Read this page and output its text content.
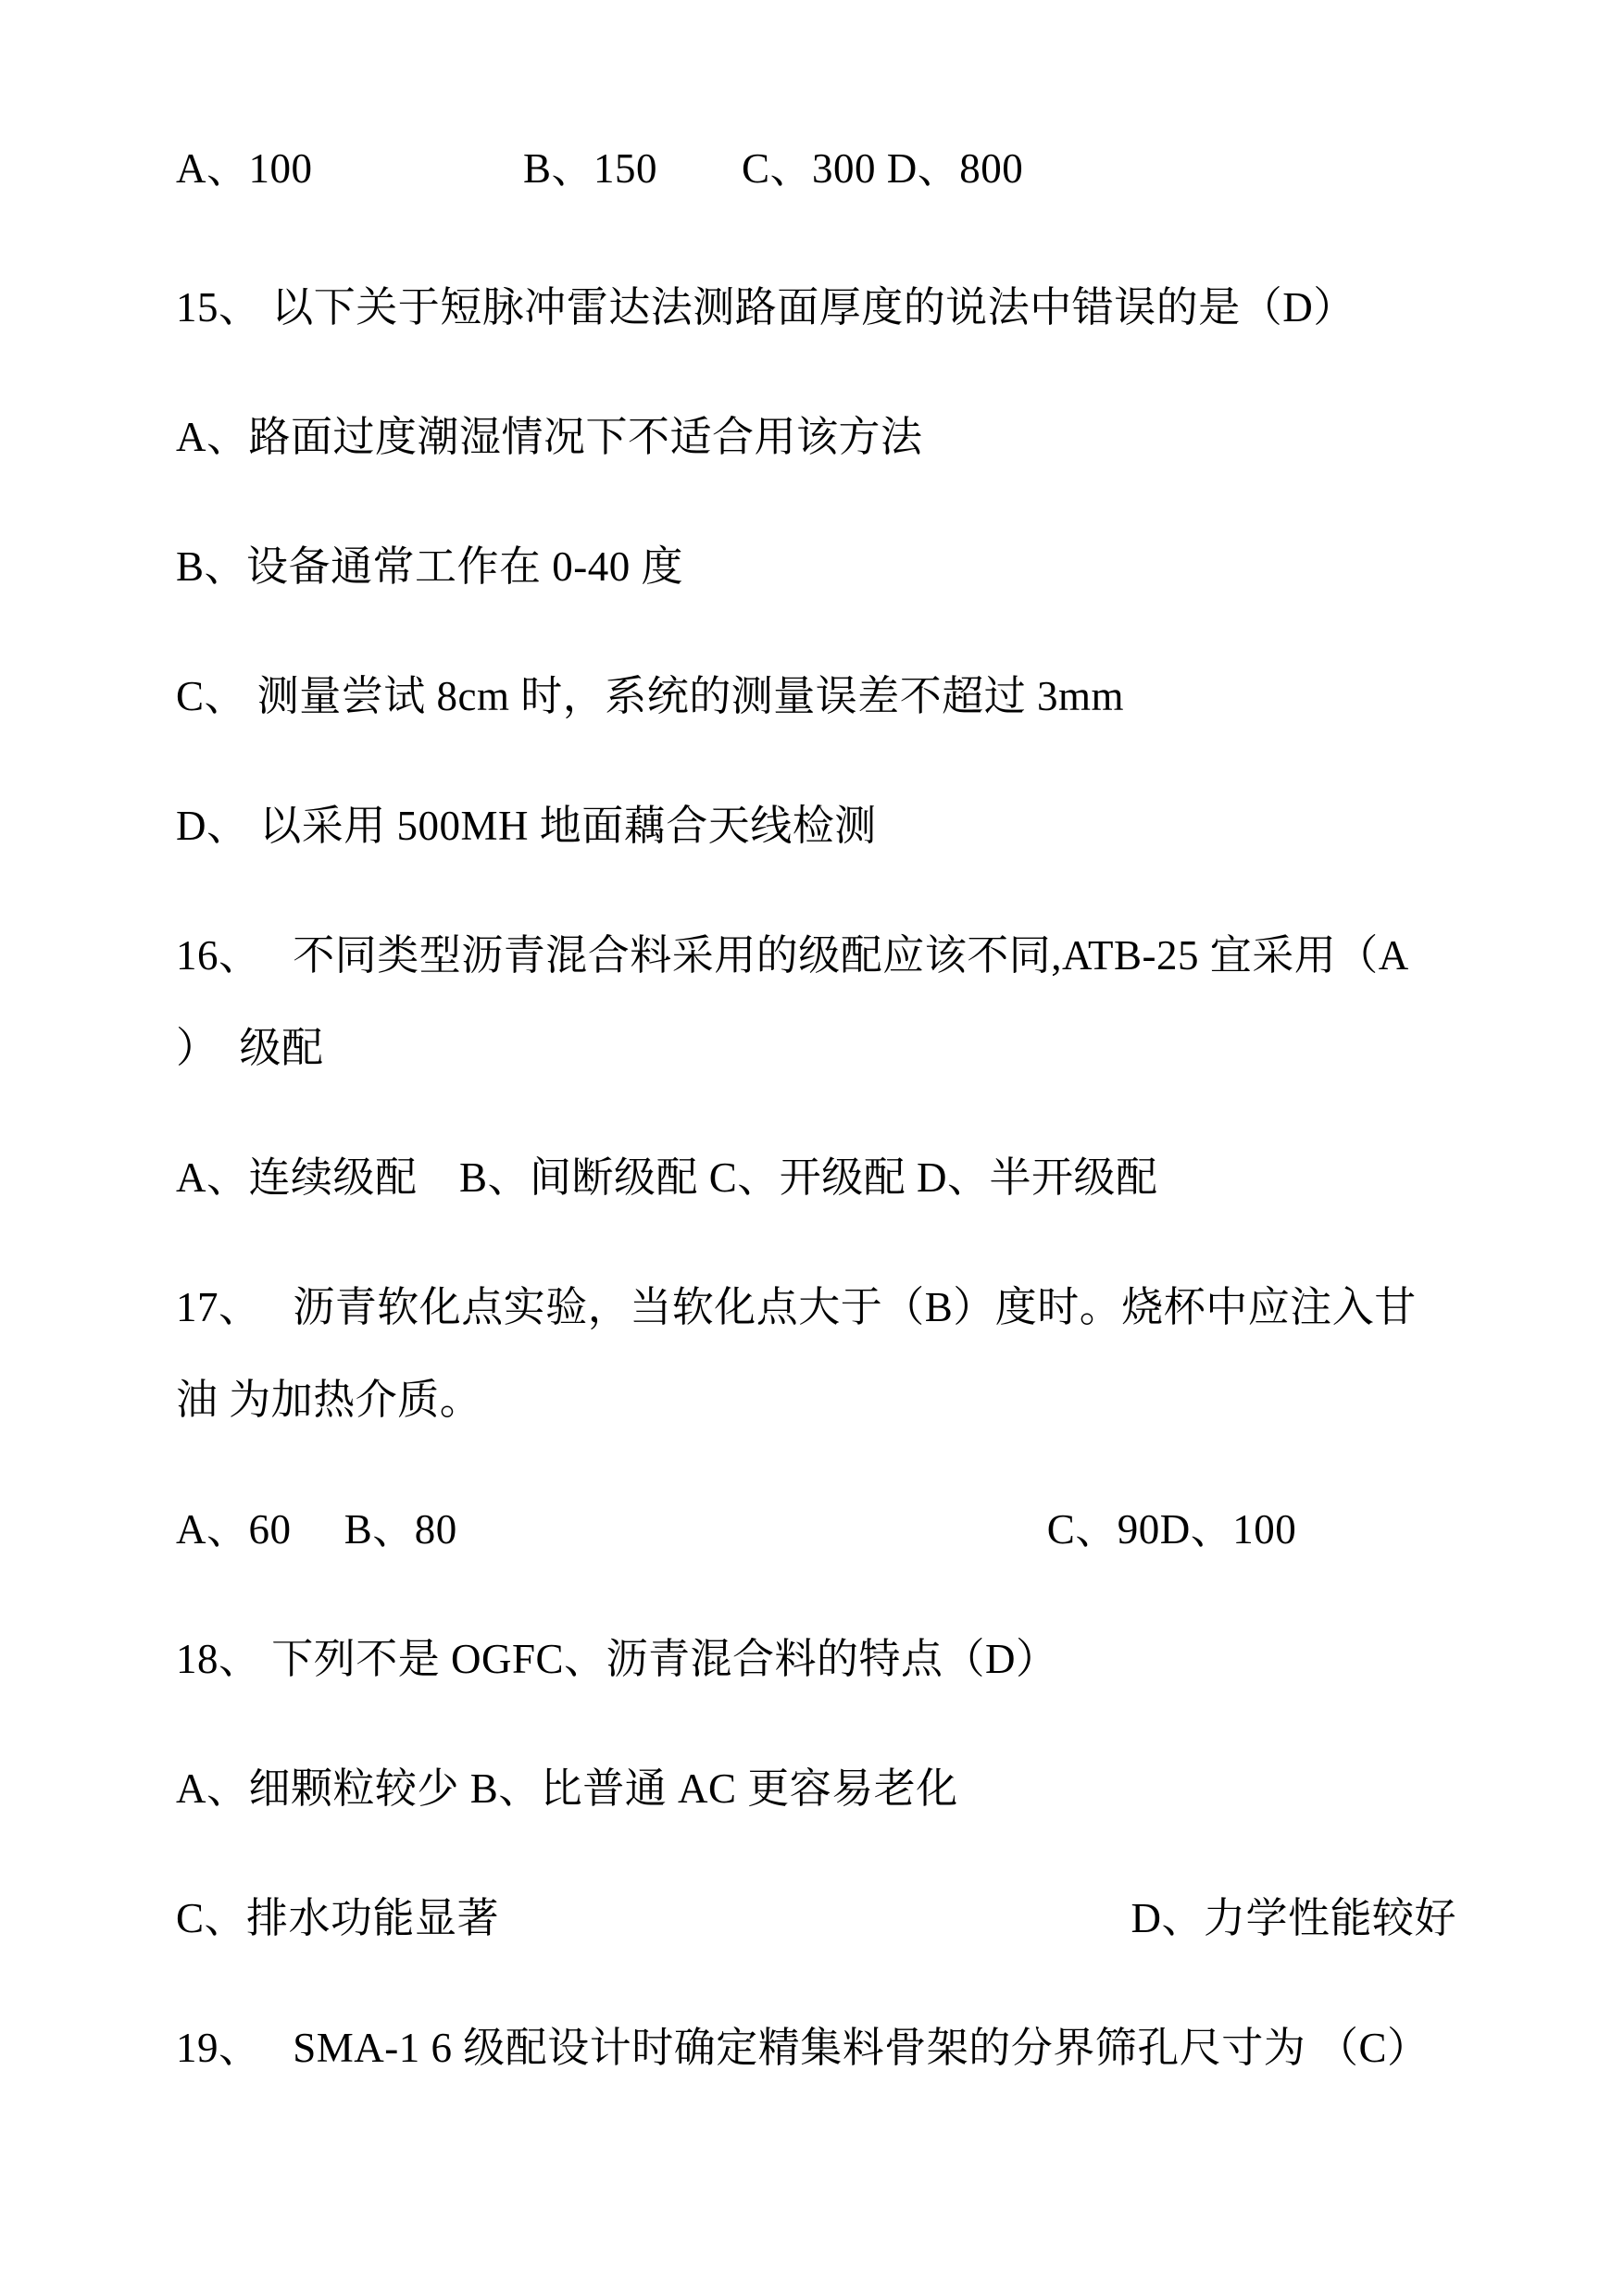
A、100　　　　　B、150　　C、300 D、800

15、 以下关于短脉冲雷达法测路面厚度的说法中错误的是（D）

A、路面过度潮湿情况下不适合用该方法

B、设备通常工作在 0-40 度

C、 测量尝试 8cm 时，系统的测量误差不超过 3mm

D、 以采用 500MH 地面藕合天线检测

16、　 不同类型沥青混合料采用的级配应该不同,ATB-25 宜采用（A
）　级配

A、连续级配　B、间断级配 C、开级配 D、半开级配

17、　 沥青软化点实验，当软化点大于（B）度时。烧杯中应注入甘
油 为加热介质。

A、60　 B、80　　　　　　　　　　　　　　C、90D、100

18、 下列不是 OGFC、沥青混合料的特点（D）

A、细颗粒较少 B、比普通 AC 更容易老化

C、排水功能显著　　　　　　　　　　　　　　　D、力学性能较好

19、　 SMA-1 6 级配设计时确定精集料骨架的分界筛孔尺寸为 （C）
